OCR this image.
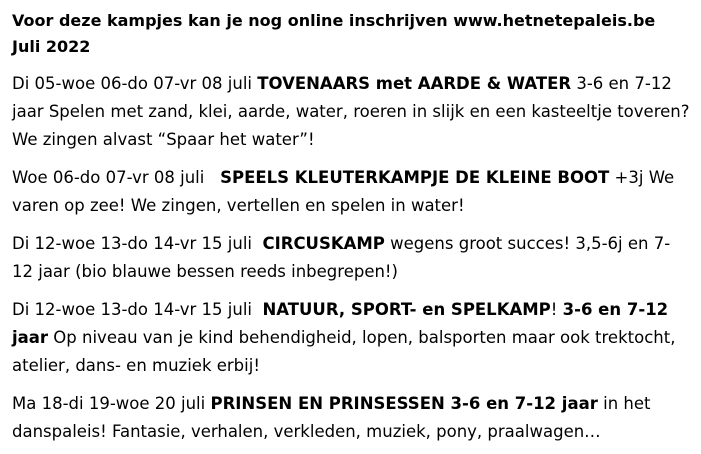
Voor deze kampjes kan je nog online inschrijven www.hetnetepaleis.be
Juli 2022
Di 05-woe 06-do 07-vr 08 juli TOVENAARS met AARDE & WATER 3-6 en 7-12 jaar Spelen met zand, klei, aarde, water, roeren in slijk en een kasteeltje toveren? We zingen alvast “Spaar het water”!
Woe 06-do 07-vr 08 juli   SPEELS KLEUTERKAMPJE DE KLEINE BOOT +3j We varen op zee! We zingen, vertellen en spelen in water!
Di 12-woe 13-do 14-vr 15 juli  CIRCUSKAMP wegens groot succes! 3,5-6j en 7-12 jaar (bio blauwe bessen reeds inbegrepen!)
Di 12-woe 13-do 14-vr 15 juli  NATUUR, SPORT- en SPELKAMP! 3-6 en 7-12 jaar Op niveau van je kind behendigheid, lopen, balsporten maar ook trektocht, atelier, dans- en muziek erbij!
Ma 18-di 19-woe 20 juli PRINSEN EN PRINSESSEN 3-6 en 7-12 jaar in het danspaleis! Fantasie, verhalen, verkleden, muziek, pony, praalwagen…
